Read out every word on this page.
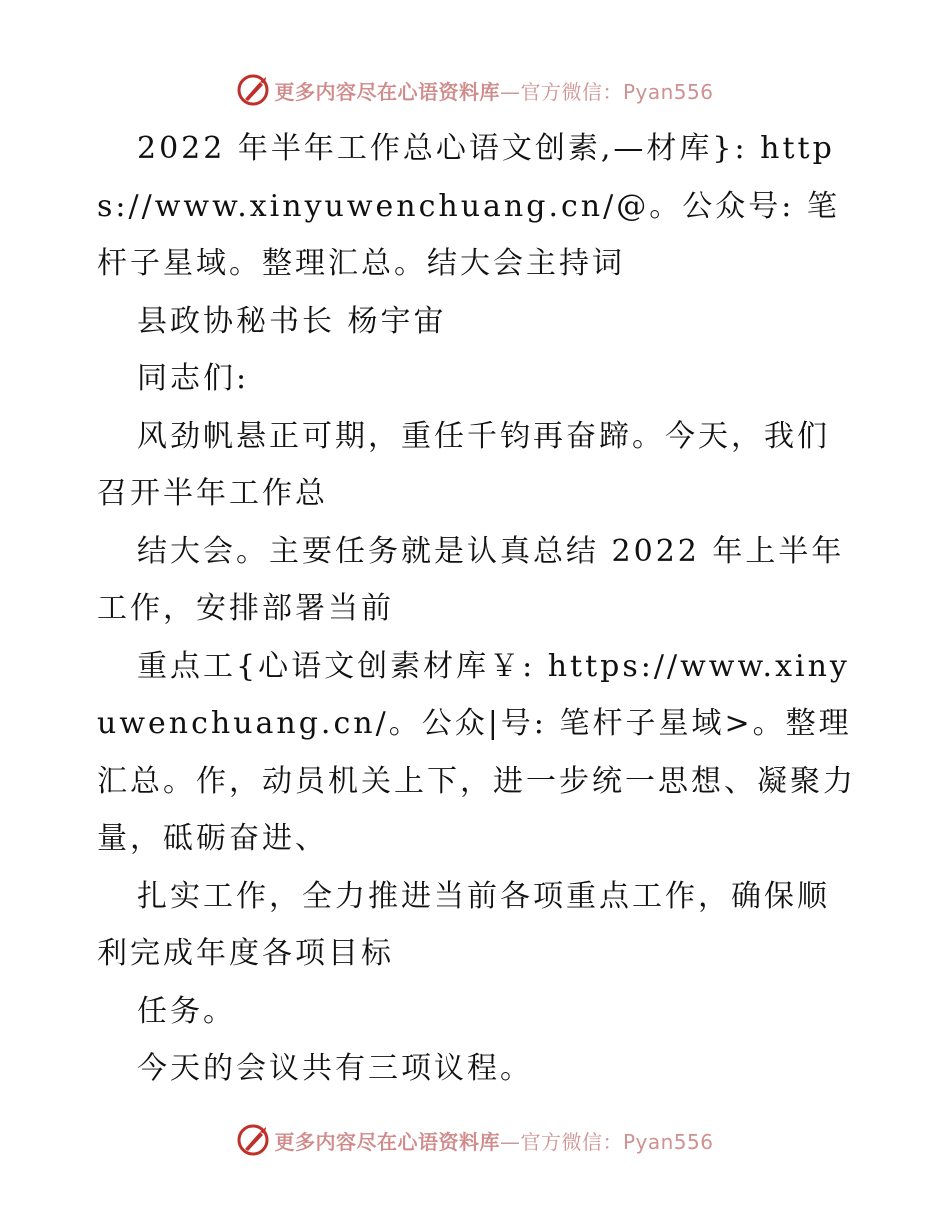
更多内容尽在心语资料库—官方微信：Pyan556

2022 年半年工作总心语文创素,—材库}: https://www.xinyuwenchuang.cn/@。公众号: 笔杆子星域。整理汇总。结大会主持词

县政协秘书长 杨宇宙

同志们:

风劲帆悬正可期，重任千钧再奋蹄。今天，我们召开半年工作总

结大会。主要任务就是认真总结 2022 年上半年工作，安排部署当前

重点工{心语文创素材库￥: https://www.xinyuwenchuang.cn/。公众|号: 笔杆子星域>。整理汇总。作，动员机关上下，进一步统一思想、凝聚力量，砥砺奋进、

扎实工作，全力推进当前各项重点工作，确保顺利完成年度各项目标

任务。

今天的会议共有三项议程。

更多内容尽在心语资料库—官方微信：Pyan556
